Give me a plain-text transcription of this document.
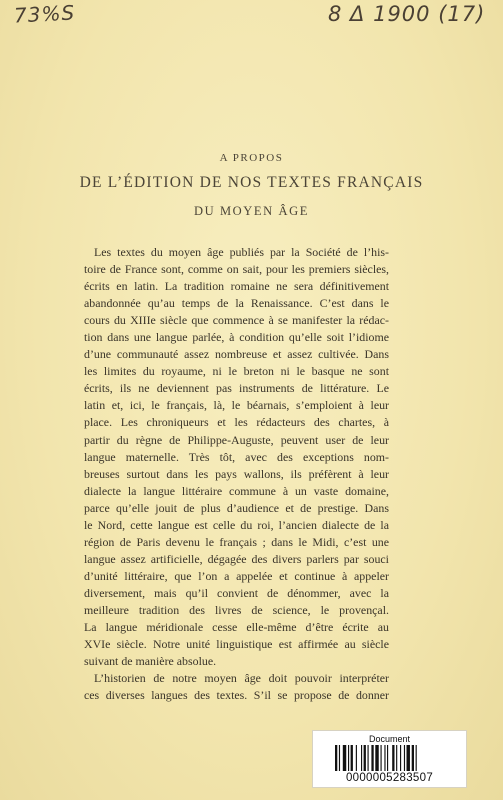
73%S	8 Δ 1900 (17)
A PROPOS
DE L’ÉDITION DE NOS TEXTES FRANÇAIS
DU MOYEN ÂGE
Les textes du moyen âge publiés par la Société de l’his-
toire de France sont, comme on sait, pour les premiers siècles,
écrits en latin. La tradition romaine ne sera définitivement
abandonnée qu’au temps de la Renaissance. C’est dans le
cours du XIIIe siècle que commence à se manifester la rédac-
tion dans une langue parlée, à condition qu’elle soit l’idiome
d’une communauté assez nombreuse et assez cultivée. Dans
les limites du royaume, ni le breton ni le basque ne sont
écrits, ils ne deviennent pas instruments de littérature. Le
latin et, ici, le français, là, le béarnais, s’emploient à leur
place. Les chroniqueurs et les rédacteurs des chartes, à
partir du règne de Philippe-Auguste, peuvent user de leur
langue maternelle. Très tôt, avec des exceptions nom-
breuses surtout dans les pays wallons, ils préfèrent à leur
dialecte la langue littéraire commune à un vaste domaine,
parce qu’elle jouit de plus d’audience et de prestige. Dans
le Nord, cette langue est celle du roi, l’ancien dialecte de la
région de Paris devenu le français ; dans le Midi, c’est une
langue assez artificielle, dégagée des divers parlers par souci
d’unité littéraire, que l’on a appelée et continue à appeler
diversement, mais qu’il convient de dénommer, avec la
meilleure tradition des livres de science, le provençal.
La langue méridionale cesse elle-même d’être écrite au
XVIe siècle. Notre unité linguistique est affirmée au siècle
suivant de manière absolue.
L’historien de notre moyen âge doit pouvoir interpréter
ces diverses langues des textes. S’il se propose de donner
Document
0000005283507
